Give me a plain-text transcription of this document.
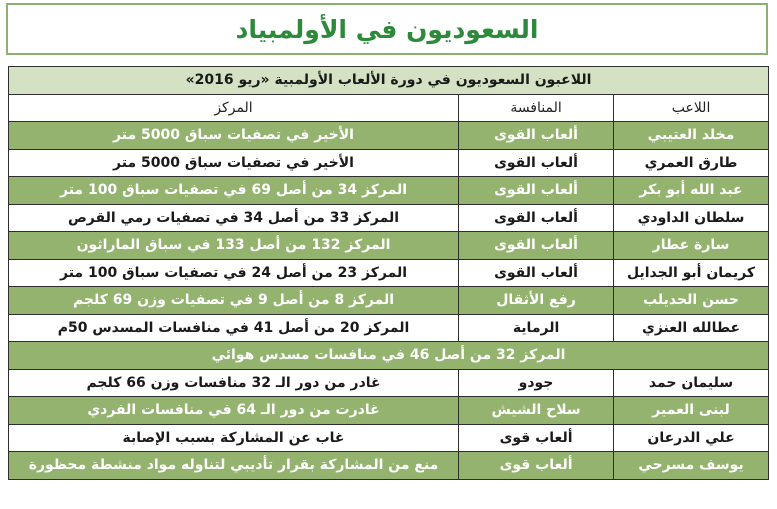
السعوديون في الأولمبياد
اللاعبون السعوديون في دورة الألعاب الأولمبية «ريو 2016»		
اللاعب	المنافسة	المركز
مخلد العتيبي	ألعاب القوى	الأخير في تصفيات سباق 5000 متر
طارق العمري	ألعاب القوى	الأخير في تصفيات سباق 5000 متر
عبد الله أبو بكر	ألعاب القوى	المركز 34 من أصل 69 في تصفيات سباق 100 متر
سلطان الداودي	ألعاب القوى	المركز 33 من أصل 34 في تصفيات رمي القرص
سارة عطار	ألعاب القوى	المركز 132 من أصل 133 في سباق الماراثون
كريمان أبو الجدايل	ألعاب القوى	المركز 23 من أصل 24 في تصفيات سباق 100 متر
حسن الحديلب	رفع الأثقال	المركز 8 من أصل 9 في تصفيات وزن 69 كلجم
عطالله العنزي	الرماية	المركز 20 من أصل 41 في منافسات المسدس 50م
المركز 32 من أصل 46 في منافسات مسدس هوائي		
سليمان حمد	جودو	غادر من دور الـ 32 منافسات وزن 66 كلجم
لبنى العمير	سلاح الشيش	غادرت من دور الـ 64 في منافسات الفردي
علي الدرعان	ألعاب قوى	غاب عن المشاركة بسبب الإصابة
يوسف مسرحي	ألعاب قوى	منع من المشاركة بقرار تأديبي لتناوله مواد منشطة محظورة
